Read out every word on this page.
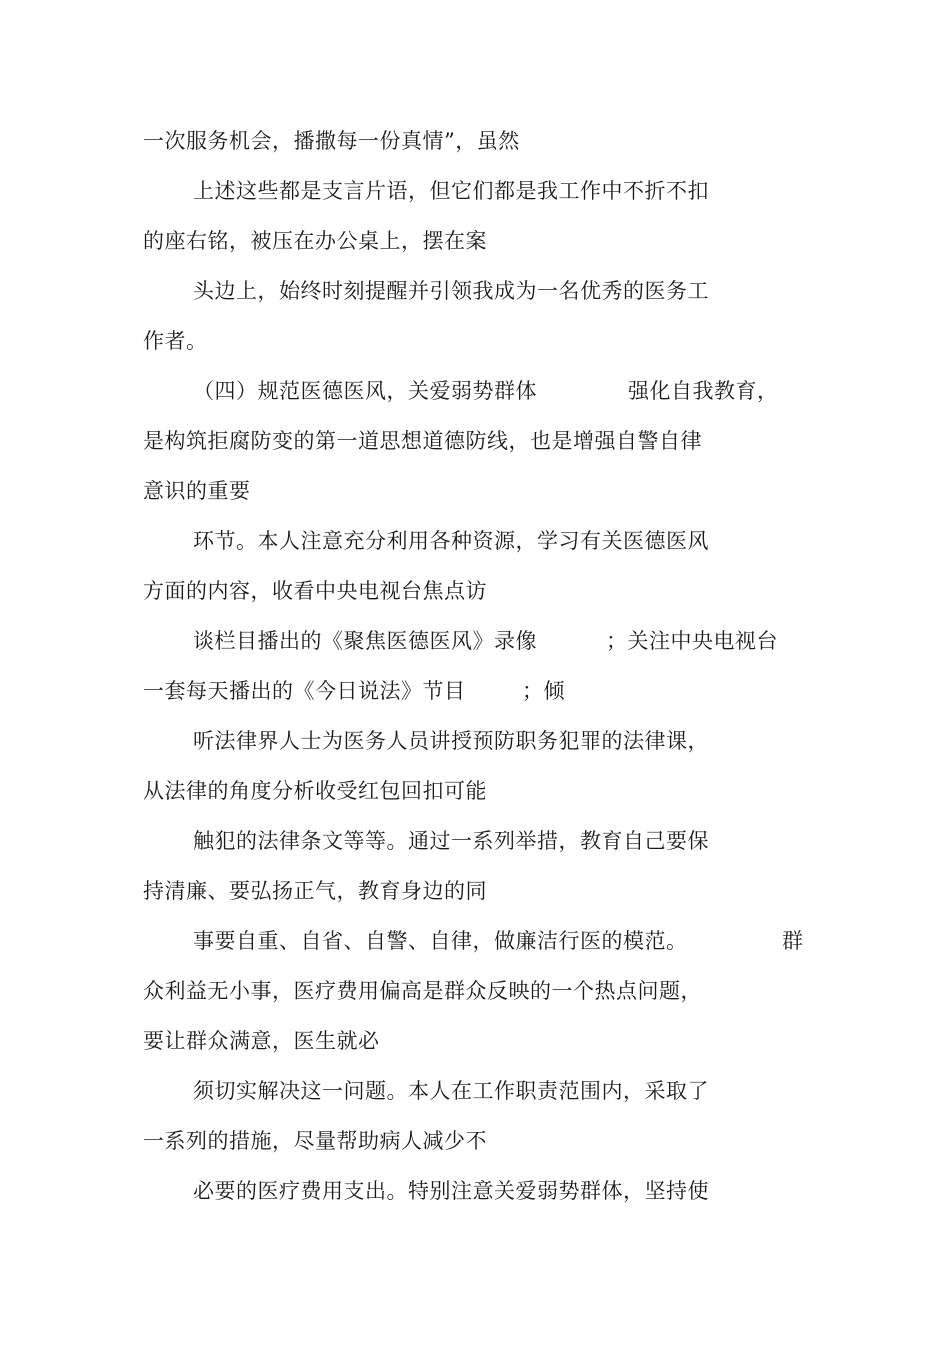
一次服务机会，播撒每一份真情”，虽然
上述这些都是支言片语，但它们都是我工作中不折不扣
的座右铭，被压在办公桌上，摆在案
头边上，始终时刻提醒并引领我成为一名优秀的医务工
作者。
（四）规范医德医风，关爱弱势群体	强化自我教育，
是构筑拒腐防变的第一道思想道德防线，也是增强自警自律
意识的重要
环节。本人注意充分利用各种资源，学习有关医德医风
方面的内容，收看中央电视台焦点访
谈栏目播出的《聚焦医德医风》录像	；关注中央电视台
一套每天播出的《今日说法》节目	；倾
听法律界人士为医务人员讲授预防职务犯罪的法律课，
从法律的角度分析收受红包回扣可能
触犯的法律条文等等。通过一系列举措，教育自己要保
持清廉、要弘扬正气，教育身边的同
事要自重、自省、自警、自律，做廉洁行医的模范。	群
众利益无小事，医疗费用偏高是群众反映的一个热点问题，
要让群众满意，医生就必
须切实解决这一问题。本人在工作职责范围内，采取了
一系列的措施，尽量帮助病人减少不
必要的医疗费用支出。特别注意关爱弱势群体，坚持使
